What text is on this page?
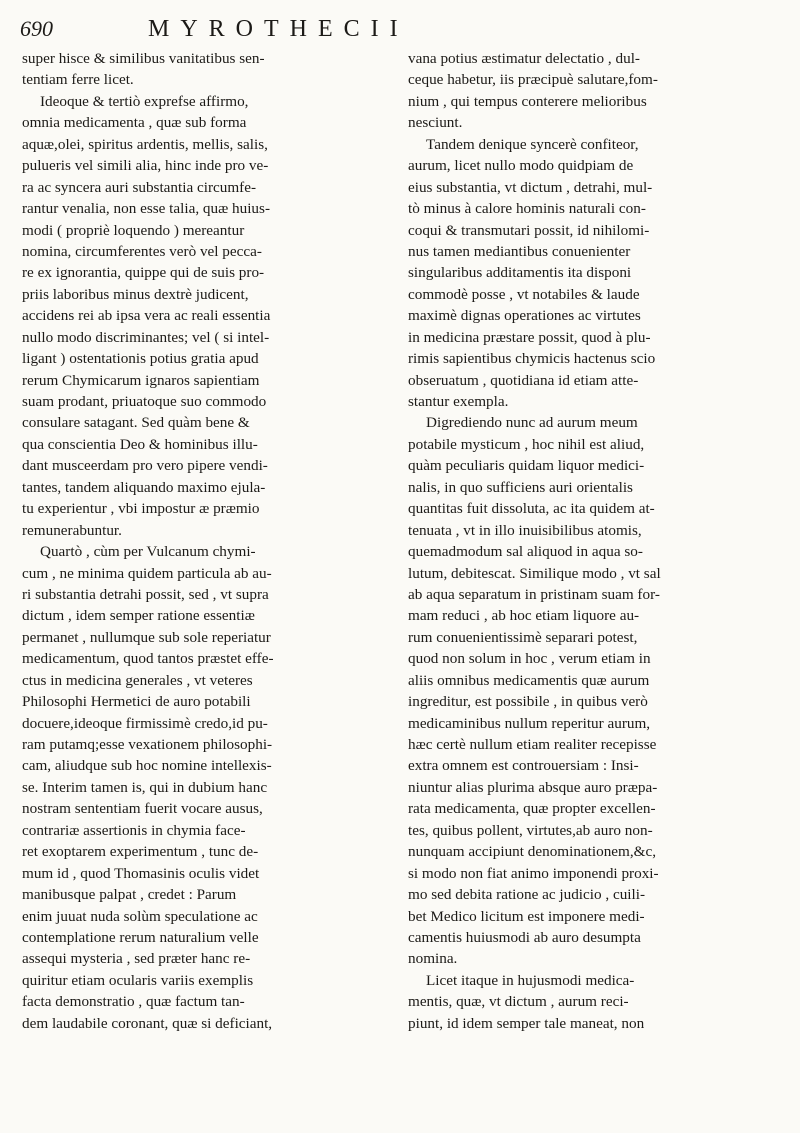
690	MYROTHECII
super hisce & similibus vanitatibus sen-
tentiam ferre licet.
Ideoque & tertiò exprefse affirmo,
omnia medicamenta , quæ sub forma
aquæ,olei, spiritus ardentis, mellis, salis,
pulueris vel simili alia, hinc inde pro ve-
ra ac syncera auri substantia circumfe-
rantur venalia, non esse talia, quæ huius-
modi ( propriè loquendo ) mereantur
nomina, circumferentes verò vel pecca-
re ex ignorantia, quippe qui de suis pro-
priis laboribus minus dextrè judicent,
accidens rei ab ipsa vera ac reali essentia
nullo modo discriminantes; vel ( si intel-
ligant ) ostentationis potius gratia apud
rerum Chymicarum ignaros sapientiam
suam prodant, priuatoque suo commodo
consulare satagant. Sed quàm bene &
qua conscientia Deo & hominibus illu-
dant musceerdam pro vero pipere vendi-
tantes, tandem aliquando maximo ejula-
tu experientur , vbi impostur æ præmio
remunerabuntur.
Quartò , cùm per Vulcanum chymi-
cum , ne minima quidem particula ab au-
ri substantia detrahi possit, sed , vt supra
dictum , idem semper ratione essentiæ
permanet , nullumque sub sole reperiatur
medicamentum, quod tantos præstet effe-
ctus in medicina generales , vt veteres
Philosophi Hermetici de auro potabili
docuere,ideoque firmissimè credo,id pu-
ram putamq;esse vexationem philosophi-
cam, aliudque sub hoc nomine intellexis-
se. Interim tamen is, qui in dubium hanc
nostram sententiam fuerit vocare ausus,
contrariæ assertionis in chymia face-
ret exoptarem experimentum , tunc de-
mum id , quod Thomasinis oculis videt
manibusque palpat , credet : Parum
enim juuat nuda solùm speculatione ac
contemplatione rerum naturalium velle
assequi mysteria , sed præter hanc re-
quiritur etiam ocularis variis exemplis
facta demonstratio , quæ factum tan-
dem laudabile coronant, quæ si deficiant,
vana potius æstimatur delectatio , dul-
ceque habetur, iis præcipuè salutare,fom-
nium , qui tempus conterere melioribus
nesciunt.
Tandem denique syncerè confiteor,
aurum, licet nullo modo quidpiam de
eius substantia, vt dictum , detrahi, mul-
tò minus à calore hominis naturali con-
coqui & transmutari possit, id nihilomi-
nus tamen mediantibus conuenienter
singularibus additamentis ita disponi
commodè posse , vt notabiles & laude
maximè dignas operationes ac virtutes
in medicina præstare possit, quod à plu-
rimis sapientibus chymicis hactenus scio
obseruatum , quotidiana id etiam atte-
stantur exempla.
Digrediendo nunc ad aurum meum
potabile mysticum , hoc nihil est aliud,
quàm peculiaris quidam liquor medici-
nalis, in quo sufficiens auri orientalis
quantitas fuit dissoluta, ac ita quidem at-
tenuata , vt in illo inuisibilibus atomis,
quemadmodum sal aliquod in aqua so-
lutum, debitescat. Similique modo , vt sal
ab aqua separatum in pristinam suam for-
mam reduci , ab hoc etiam liquore au-
rum conuenientissimè separari potest,
quod non solum in hoc , verum etiam in
aliis omnibus medicamentis quæ aurum
ingreditur, est possibile , in quibus verò
medicaminibus nullum reperitur aurum,
hæc certè nullum etiam realiter recepisse
extra omnem est controuersiam : Insi-
niuntur alias plurima absque auro præpa-
rata medicamenta, quæ propter excellen-
tes, quibus pollent, virtutes,ab auro non-
nunquam accipiunt denominationem,&c,
si modo non fiat animo imponendi proxi-
mo sed debita ratione ac judicio , cuili-
bet Medico licitum est imponere medi-
camentis huiusmodi ab auro desumpta
nomina.
Licet itaque in hujusmodi medica-
mentis, quæ, vt dictum , aurum reci-
piunt, id idem semper tale maneat, non
